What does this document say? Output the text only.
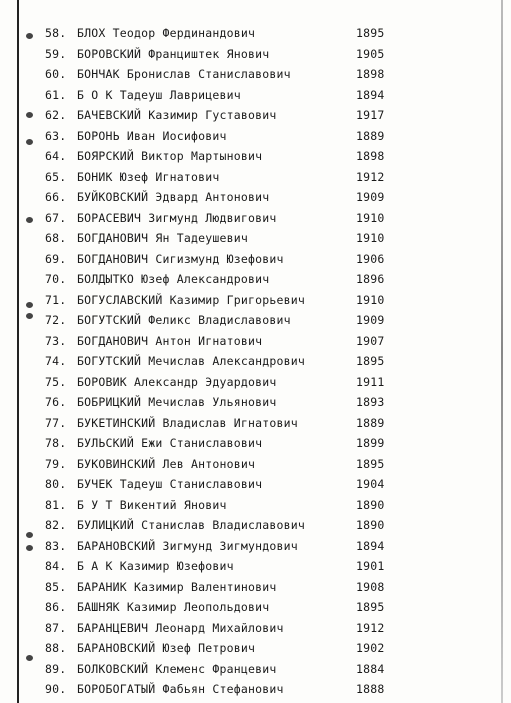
58. БЛОХ Теодор Фердинандович	1895
59. БОРОВСКИЙ Франциштек Янович	1905
60. БОНЧАК Бронислав Станиславович	1898
61. Б О К Тадеуш Лаврицевич	1894
62. БАЧЕВСКИЙ Казимир Густавович	1917
63. БОРОНЬ Иван Иосифович	1889
64. БОЯРСКИЙ Виктор Мартынович	1898
65. БОНИК Юзеф Игнатович	1912
66. БУЙКОВСКИЙ Эдвард Антонович	1909
67. БОРАСЕВИЧ Зигмунд Людвигович	1910
68. БОГДАНОВИЧ Ян Тадеушевич	1910
69. БОГДАНОВИЧ Сигизмунд Юзефович	1906
70. БОЛДЫТКО Юзеф Александрович	1896
71. БОГУСЛАВСКИЙ Казимир Григорьевич	1910
72. БОГУТСКИЙ Феликс Владиславович	1909
73. БОГДАНОВИЧ Антон Игнатович	1907
74. БОГУТСКИЙ Мечислав Александрович	1895
75. БОРОВИК Александр Эдуардович	1911
76. БОБРИЦКИЙ Мечислав Ульянович	1893
77. БУКЕТИНСКИЙ Владислав Игнатович	1889
78. БУЛЬСКИЙ Ежи Станиславович	1899
79. БУКОВИНСКИЙ Лев Антонович	1895
80. БУЧЕК Тадеуш Станиславович	1904
81. Б У Т Викентий Янович	1890
82. БУЛИЦКИЙ Станислав Владиславович	1890
83. БАРАНОВСКИЙ Зигмунд Зигмундович	1894
84. Б А К Казимир Юзефович	1901
85. БАРАНИК Казимир Валентинович	1908
86. БАШНЯК Казимир Леопольдович	1895
87. БАРАНЦЕВИЧ Леонард Михайлович	1912
88. БАРАНОВСКИЙ Юзеф Петрович	1902
89. БОЛКОВСКИЙ Клеменс Францевич	1884
90. БОРОБОГАТЫЙ Фабьян Стефанович	1888
